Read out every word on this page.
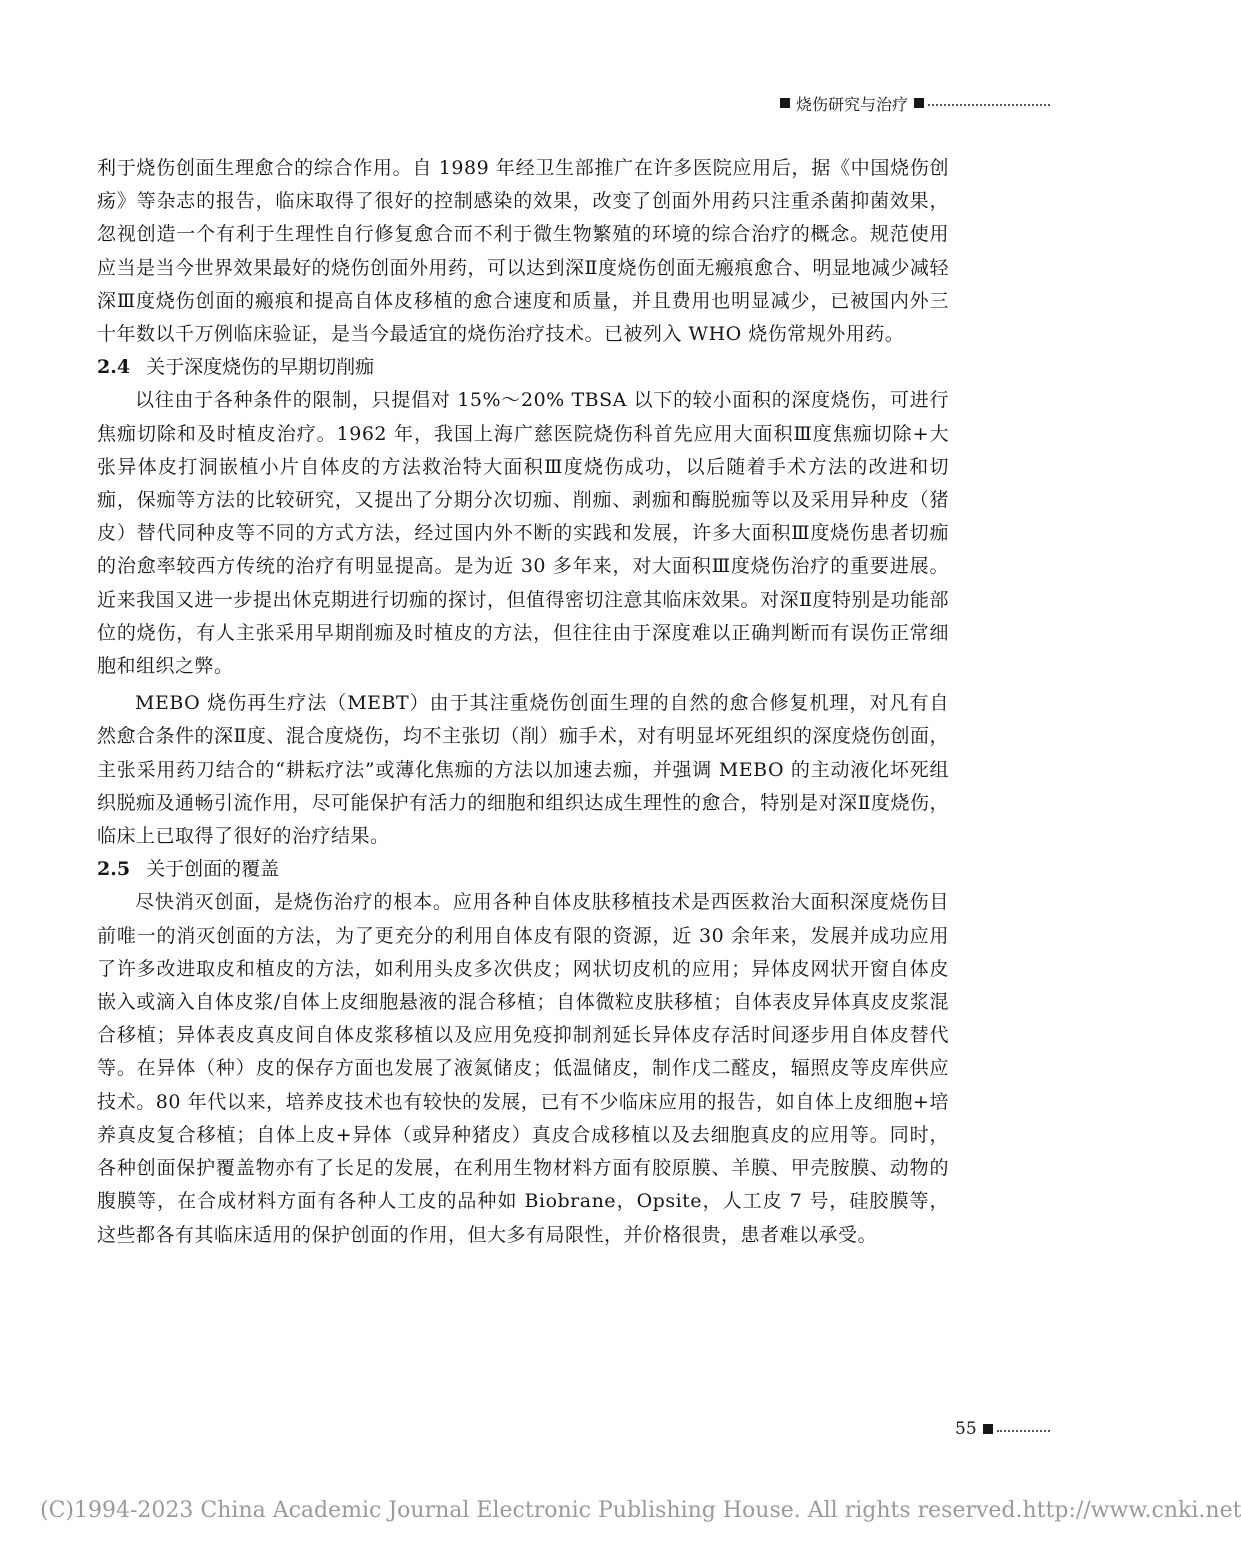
烧伤研究与治疗

利于烧伤创面生理愈合的综合作用。自 1989 年经卫生部推广在许多医院应用后，据《中国烧伤创疡》等杂志的报告，临床取得了很好的控制感染的效果，改变了创面外用药只注重杀菌抑菌效果，忽视创造一个有利于生理性自行修复愈合而不利于微生物繁殖的环境的综合治疗的概念。规范使用应当是当今世界效果最好的烧伤创面外用药，可以达到深Ⅱ度烧伤创面无瘢痕愈合、明显地减少减轻深Ⅲ度烧伤创面的瘢痕和提高自体皮移植的愈合速度和质量，并且费用也明显减少，已被国内外三十年数以千万例临床验证，是当今最适宜的烧伤治疗技术。已被列入 WHO 烧伤常规外用药。

2.4 关于深度烧伤的早期切削痂

以往由于各种条件的限制，只提倡对 15%～20% TBSA 以下的较小面积的深度烧伤，可进行焦痂切除和及时植皮治疗。1962 年，我国上海广慈医院烧伤科首先应用大面积Ⅲ度焦痂切除+大张异体皮打洞嵌植小片自体皮的方法救治特大面积Ⅲ度烧伤成功，以后随着手术方法的改进和切痂，保痂等方法的比较研究，又提出了分期分次切痂、削痂、剥痂和酶脱痂等以及采用异种皮（猪皮）替代同种皮等不同的方式方法，经过国内外不断的实践和发展，许多大面积Ⅲ度烧伤患者切痂的治愈率较西方传统的治疗有明显提高。是为近 30 多年来，对大面积Ⅲ度烧伤治疗的重要进展。近来我国又进一步提出休克期进行切痂的探讨，但值得密切注意其临床效果。对深Ⅱ度特别是功能部位的烧伤，有人主张采用早期削痂及时植皮的方法，但往往由于深度难以正确判断而有误伤正常细胞和组织之弊。

MEBO 烧伤再生疗法（MEBT）由于其注重烧伤创面生理的自然的愈合修复机理，对凡有自然愈合条件的深Ⅱ度、混合度烧伤，均不主张切（削）痂手术，对有明显坏死组织的深度烧伤创面，主张采用药刀结合的“耕耘疗法”或薄化焦痂的方法以加速去痂，并强调 MEBO 的主动液化坏死组织脱痂及通畅引流作用，尽可能保护有活力的细胞和组织达成生理性的愈合，特别是对深Ⅱ度烧伤，临床上已取得了很好的治疗结果。

2.5 关于创面的覆盖

尽快消灭创面，是烧伤治疗的根本。应用各种自体皮肤移植技术是西医救治大面积深度烧伤目前唯一的消灭创面的方法，为了更充分的利用自体皮有限的资源，近 30 余年来，发展并成功应用了许多改进取皮和植皮的方法，如利用头皮多次供皮；网状切皮机的应用；异体皮网状开窗自体皮嵌入或滴入自体皮浆/自体上皮细胞悬液的混合移植；自体微粒皮肤移植；自体表皮异体真皮皮浆混合移植；异体表皮真皮间自体皮浆移植以及应用免疫抑制剂延长异体皮存活时间逐步用自体皮替代等。在异体（种）皮的保存方面也发展了液氮储皮；低温储皮，制作戊二醛皮，辐照皮等皮库供应技术。80 年代以来，培养皮技术也有较快的发展，已有不少临床应用的报告，如自体上皮细胞+培养真皮复合移植；自体上皮+异体（或异种猪皮）真皮合成移植以及去细胞真皮的应用等。同时，各种创面保护覆盖物亦有了长足的发展，在利用生物材料方面有胶原膜、羊膜、甲壳胺膜、动物的腹膜等，在合成材料方面有各种人工皮的品种如 Biobrane，Opsite，人工皮 7 号，硅胶膜等，这些都各有其临床适用的保护创面的作用，但大多有局限性，并价格很贵，患者难以承受。

55
(C)1994-2023 China Academic Journal Electronic Publishing House. All rights reserved. http://www.cnki.net
